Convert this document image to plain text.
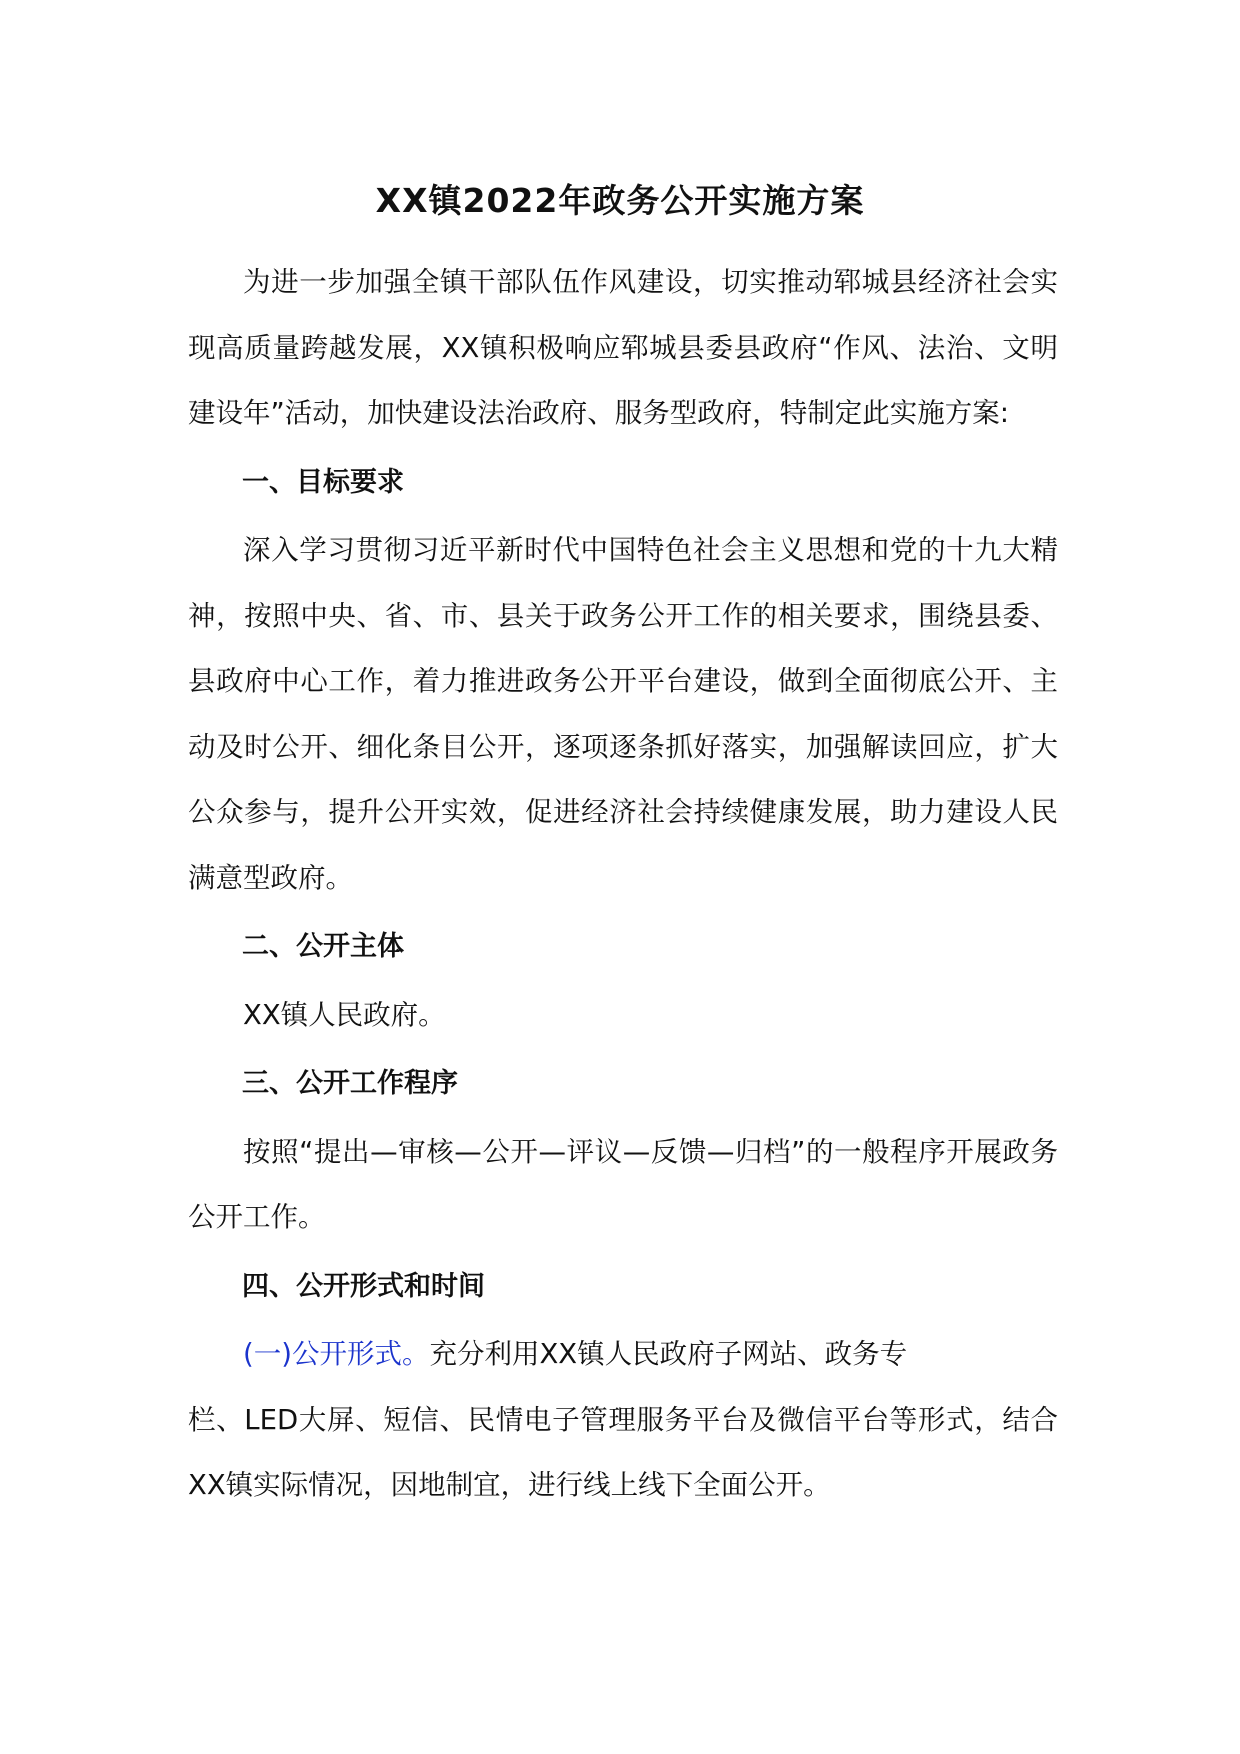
XX镇2022年政务公开实施方案

为进一步加强全镇干部队伍作风建设，切实推动郓城县经济社会实现高质量跨越发展，XX镇积极响应郓城县委县政府“作风、法治、文明建设年”活动，加快建设法治政府、服务型政府，特制定此实施方案:

一、目标要求

深入学习贯彻习近平新时代中国特色社会主义思想和党的十九大精神，按照中央、省、市、县关于政务公开工作的相关要求，围绕县委、县政府中心工作，着力推进政务公开平台建设，做到全面彻底公开、主动及时公开、细化条目公开，逐项逐条抓好落实，加强解读回应，扩大公众参与，提升公开实效，促进经济社会持续健康发展，助力建设人民满意型政府。

二、公开主体

XX镇人民政府。

三、公开工作程序

按照“提出—审核—公开—评议—反馈—归档”的一般程序开展政务公开工作。

四、公开形式和时间

(一)公开形式。充分利用XX镇人民政府子网站、政务专

栏、LED大屏、短信、民情电子管理服务平台及微信平台等形式，结合XX镇实际情况，因地制宜，进行线上线下全面公开。
